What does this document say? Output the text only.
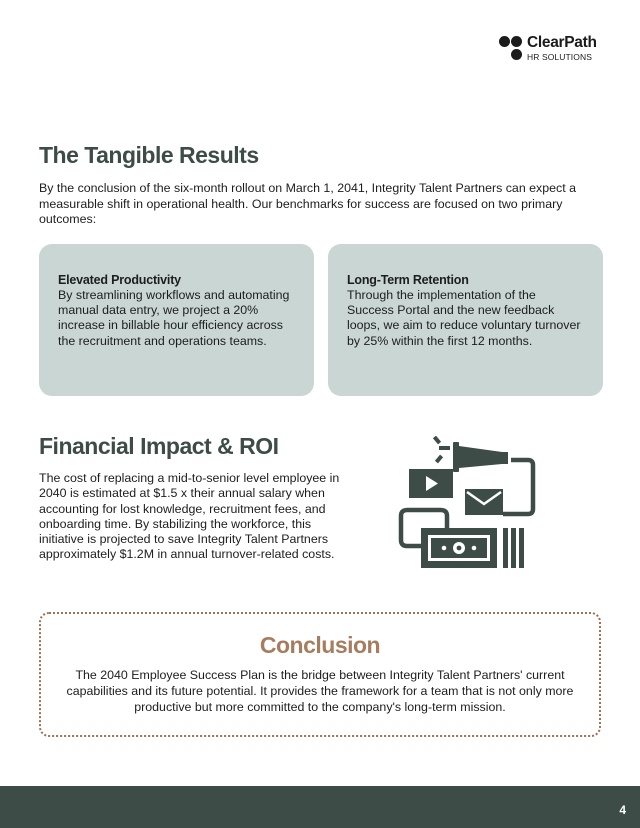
ClearPath
HR SOLUTIONS
The Tangible Results

By the conclusion of the six-month rollout on March 1, 2041, Integrity Talent Partners can expect a measurable shift in operational health. Our benchmarks for success are focused on two primary outcomes:

Elevated Productivity
By streamlining workflows and automating manual data entry, we project a 20% increase in billable hour efficiency across the recruitment and operations teams.
Long-Term Retention
Through the implementation of the Success Portal and the new feedback loops, we aim to reduce voluntary turnover by 25% within the first 12 months.
Financial Impact & ROI

The cost of replacing a mid-to-senior level employee in 2040 is estimated at $1.5 x their annual salary when accounting for lost knowledge, recruitment fees, and onboarding time. By stabilizing the workforce, this initiative is projected to save Integrity Talent Partners approximately $1.2M in annual turnover-related costs.

Conclusion

The 2040 Employee Success Plan is the bridge between Integrity Talent Partners' current capabilities and its future potential. It provides the framework for a team that is not only more productive but more committed to the company's long-term mission.

4
